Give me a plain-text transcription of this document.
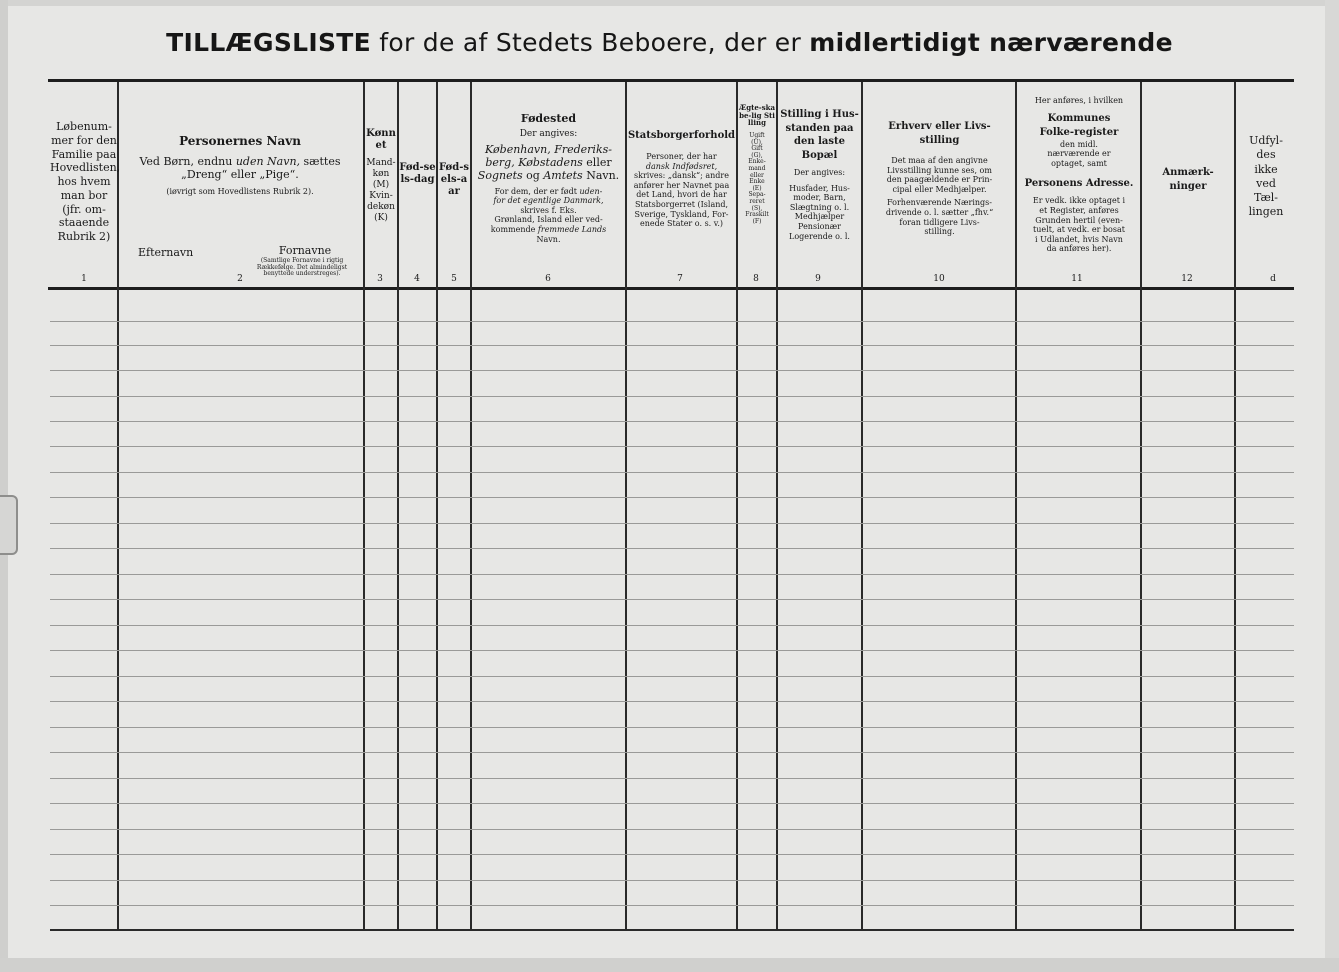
TILLÆGSLISTE for de af Stedets Beboere, der er midlertidigt nærværende
Løbenum-
mer for den
Familie paa
Hovedlisten,
hos hvem
man bor
(jfr. om-
staaende
Rubrik 2)
Personernes Navn
Ved Børn, endnu uden Navn, sættes
„Dreng“ eller „Pige“.
(iøvrigt som Hovedlistens Rubrik 2).
Efternavn	Fornavne
(Samtlige Fornavne i rigtig Rækkefølge. Det almindeligst benyttede understreges).
Kønnet
Mand-
køn
(M)
Kvin-
dekøn
(K)
Fød-sels-dag
Fød-sels-aar
Fødested
Der angives:
København, Frederiks-
berg, Købstadens eller
Sognets og Amtets Navn.
For dem, der er født uden-
for det egentlige Danmark,
skrives f. Eks.
Grønland, Island eller ved-
kommende fremmede Lands
Navn.
Statsborgerforhold
Personer, der har
dansk Indfødsret,
skrives: „dansk“; andre
anfører her Navnet paa
det Land, hvori de har
Statsborgerret (Island,
Sverige, Tyskland, For-
enede Stater o. s. v.)
Ægte-skabe-lig Stilling
Ugift
(U),
Gift
(G),
Enke-
mand
eller
Enke
(E)
Sepa-
reret
(S),
Fraskilt
(F)
Stilling i Hus-standen paa den laste Bopæl
Der angives:
Husfader, Hus-
moder, Barn,
Slægtning o. l.
Medhjælper
Pensionær
Logerende o. l.
Erhverv eller Livs-stilling
Det maa af den angivne
Livsstilling kunne ses, om
den paagældende er Prin-
cipal eller Medhjælper.
Forhenværende Nærings-
drivende o. l. sætter „fhv.“
foran tidligere Livs-
stilling.
Her anføres, i hvilken
Kommunes Folke-register
den midl. nærværende er optaget, samt
Personens Adresse.
Er vedk. ikke optaget i
et Register, anføres
Grunden hertil (even-
tuelt, at vedk. er bosat
i Udlandet, hvis Navn
da anføres her).
Anmærk-ninger
Udfyl-
des
ikke
ved
Tæl-
lingen
1	2	3	4	5	6	7	8	9	10	11	12	d
